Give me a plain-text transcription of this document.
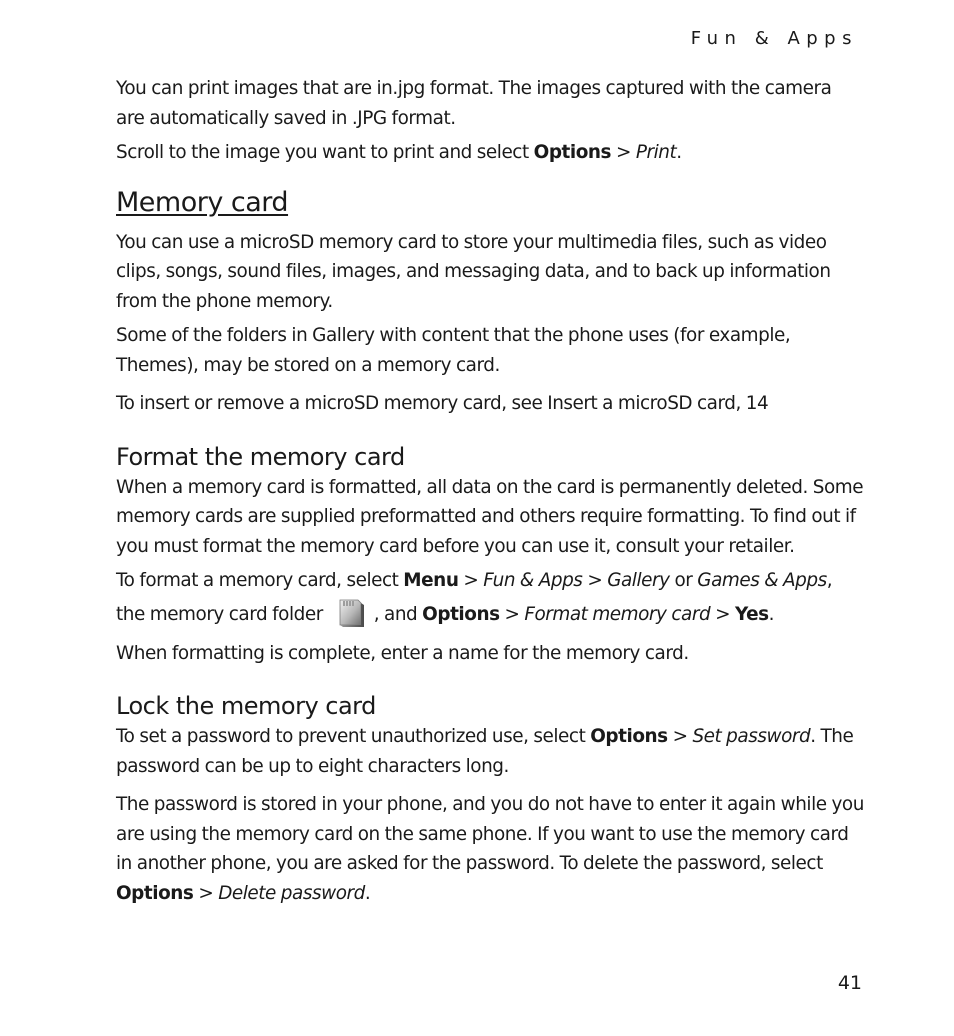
Fun & Apps

You can print images that are in.jpg format. The images captured with the camera are automatically saved in .JPG format.

Scroll to the image you want to print and select Options > Print.

Memory card

You can use a microSD memory card to store your multimedia files, such as video clips, songs, sound files, images, and messaging data, and to back up information from the phone memory.

Some of the folders in Gallery with content that the phone uses (for example, Themes), may be stored on a memory card.

To insert or remove a microSD memory card, see Insert a microSD card, 14

Format the memory card

When a memory card is formatted, all data on the card is permanently deleted. Some memory cards are supplied preformatted and others require formatting. To find out if you must format the memory card before you can use it, consult your retailer.

To format a memory card, select Menu > Fun & Apps > Gallery or Games & Apps, the memory card folder	, and Options > Format memory card > Yes.

When formatting is complete, enter a name for the memory card.

Lock the memory card

To set a password to prevent unauthorized use, select Options > Set password. The password can be up to eight characters long.

The password is stored in your phone, and you do not have to enter it again while you are using the memory card on the same phone. If you want to use the memory card in another phone, you are asked for the password. To delete the password, select Options > Delete password.

41
